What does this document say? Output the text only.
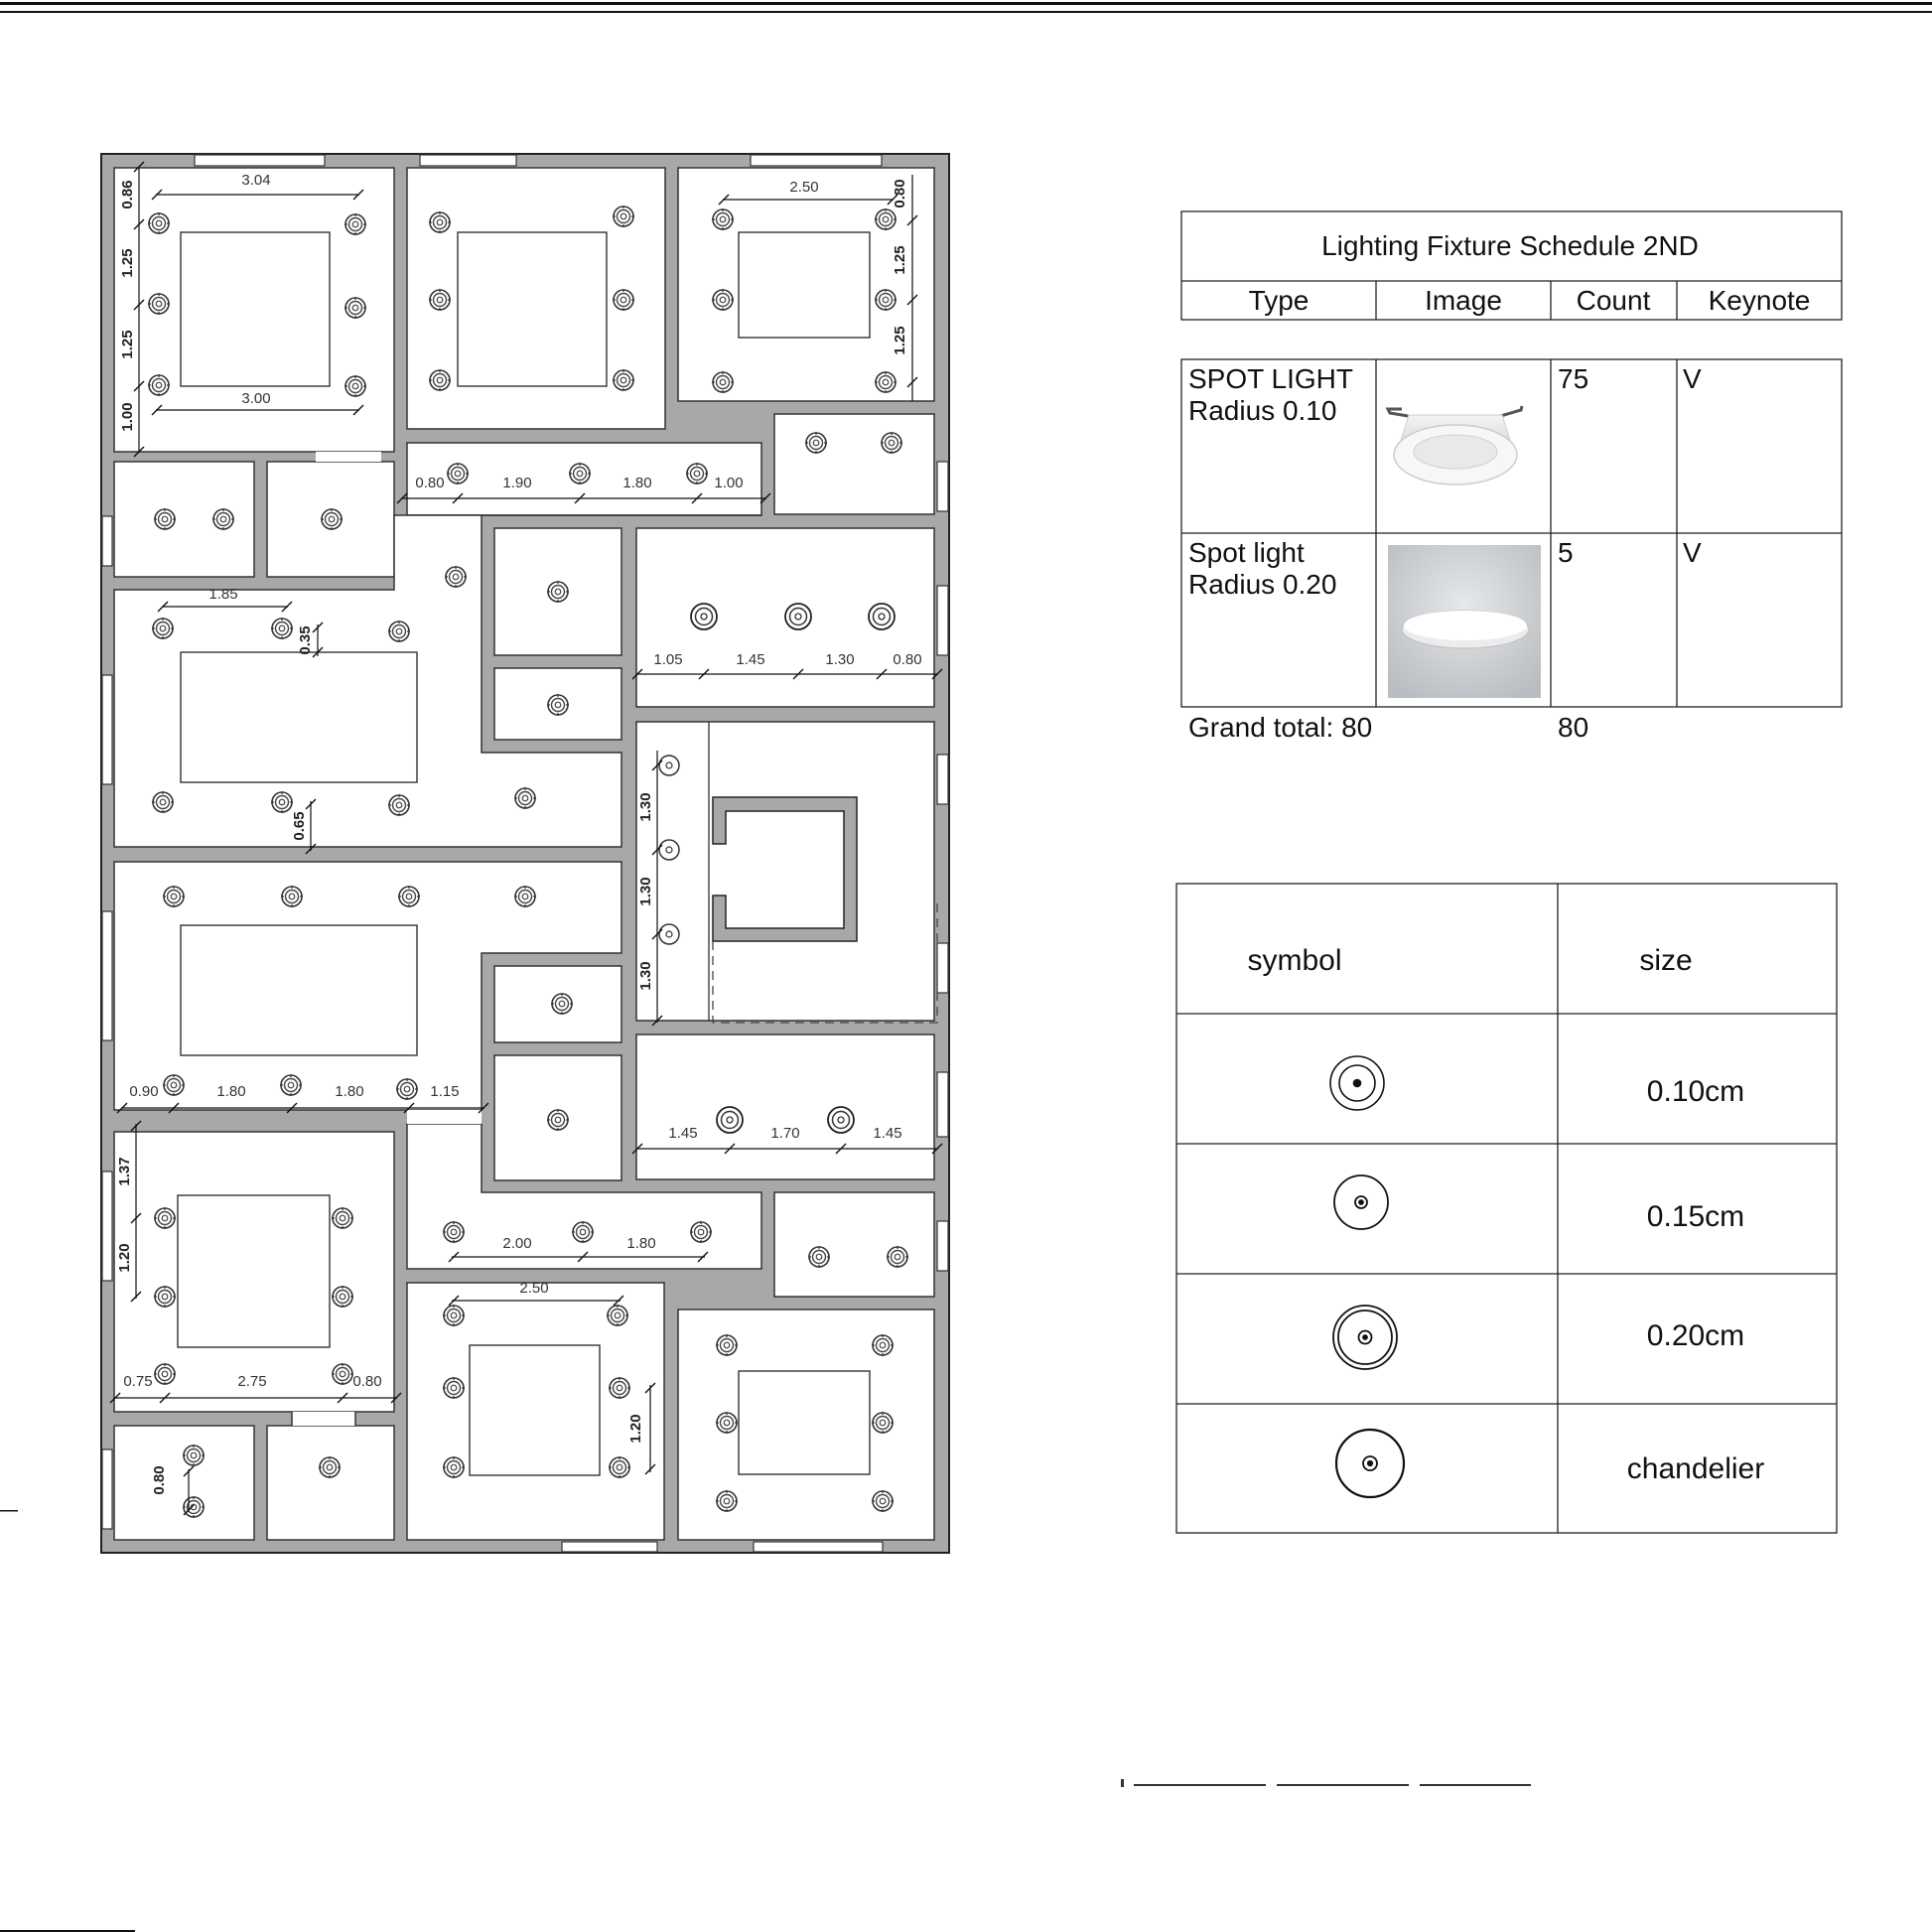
3.04
3.00
0.86
1.25
1.25
1.00
2.50	0.80
1.25
1.25
0.80	1.90	1.80	1.00
1.85
0.35
0.65
1.05	1.45	1.30	0.80
1.30
1.30
1.30
0.90	1.80	1.80	1.15
1.45	1.70	1.45
1.37
1.20	2.00	1.80
2.50
1.20
0.75	2.75	0.80
0.80
Lighting Fixture Schedule 2ND
Type	Image	Count Keynote
SPOT LIGHT
Radius 0.10
75	V
Spot light
Radius 0.20
5	V
Grand total: 80	80
symbol	size
0.10cm
0.15cm
0.20cm
chandelier
